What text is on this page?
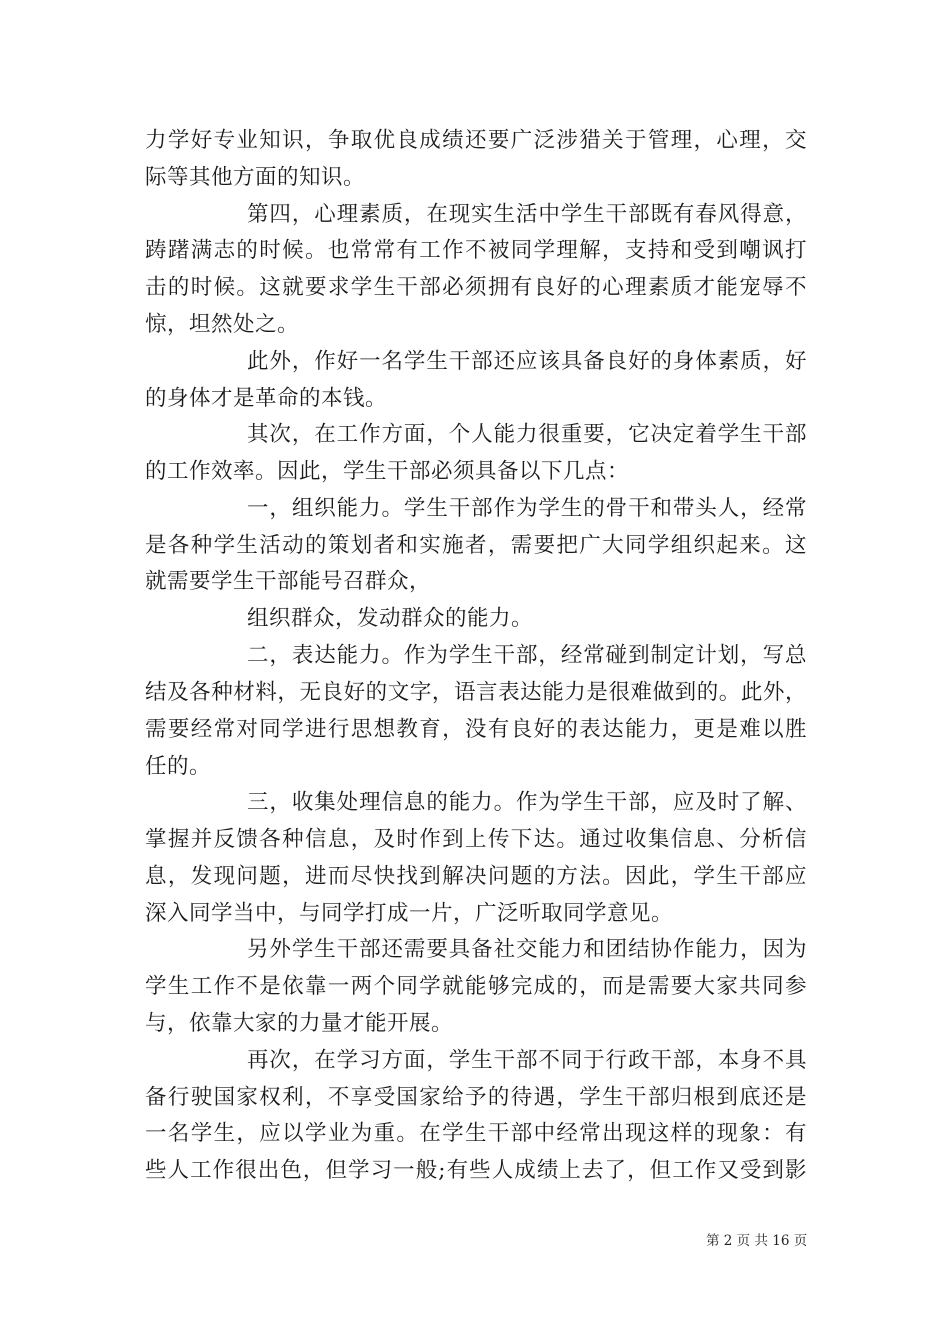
力学好专业知识，争取优良成绩还要广泛涉猎关于管理，心理，交
际等其他方面的知识。
第四，心理素质，在现实生活中学生干部既有春风得意，
踌躇满志的时候。也常常有工作不被同学理解，支持和受到嘲讽打
击的时候。这就要求学生干部必须拥有良好的心理素质才能宠辱不
惊，坦然处之。
此外，作好一名学生干部还应该具备良好的身体素质，好
的身体才是革命的本钱。
其次，在工作方面，个人能力很重要，它决定着学生干部
的工作效率。因此，学生干部必须具备以下几点：
一，组织能力。学生干部作为学生的骨干和带头人，经常
是各种学生活动的策划者和实施者，需要把广大同学组织起来。这
就需要学生干部能号召群众，
组织群众，发动群众的能力。
二，表达能力。作为学生干部，经常碰到制定计划，写总
结及各种材料，无良好的文字，语言表达能力是很难做到的。此外，
需要经常对同学进行思想教育，没有良好的表达能力，更是难以胜
任的。
三，收集处理信息的能力。作为学生干部，应及时了解、
掌握并反馈各种信息，及时作到上传下达。通过收集信息、分析信
息，发现问题，进而尽快找到解决问题的方法。因此，学生干部应
深入同学当中，与同学打成一片，广泛听取同学意见。
另外学生干部还需要具备社交能力和团结协作能力，因为
学生工作不是依靠一两个同学就能够完成的，而是需要大家共同参
与，依靠大家的力量才能开展。
再次，在学习方面，学生干部不同于行政干部，本身不具
备行驶国家权利，不享受国家给予的待遇，学生干部归根到底还是
一名学生，应以学业为重。在学生干部中经常出现这样的现象：有
些人工作很出色，但学习一般;有些人成绩上去了，但工作又受到影
第 2 页 共 16 页
